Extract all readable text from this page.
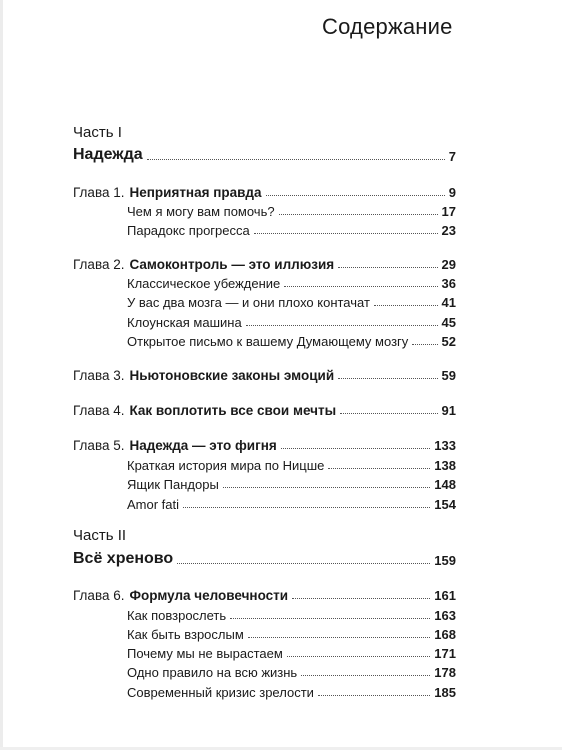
Содержание
Часть I
Надежда	7
Глава 1. Неприятная правда	9
Чем я могу вам помочь?	17
Парадокс прогресса	23
Глава 2. Самоконтроль — это иллюзия	29
Классическое убеждение	36
У вас два мозга — и они плохо контачат	41
Клоунская машина	45
Открытое письмо к вашему Думающему мозгу	52
Глава 3. Ньютоновские законы эмоций	59
Глава 4. Как воплотить все свои мечты	91
Глава 5. Надежда — это фигня	133
Краткая история мира по Ницше	138
Ящик Пандоры	148
Amor fati	154
Часть II
Всё хреново	159
Глава 6. Формула человечности	161
Как повзрослеть	163
Как быть взрослым	168
Почему мы не вырастаем	171
Одно правило на всю жизнь	178
Современный кризис зрелости	185
